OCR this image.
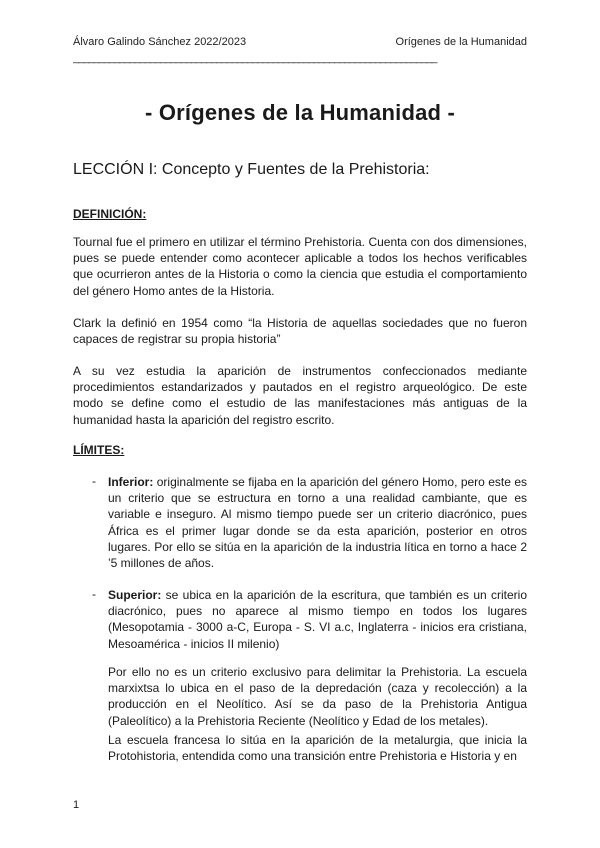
Álvaro Galindo Sánchez 2022/2023	Orígenes de la Humanidad
_______________________________________________________________________
- Orígenes de la Humanidad -
LECCIÓN I: Concepto y Fuentes de la Prehistoria:
DEFINICIÓN:

Tournal fue el primero en utilizar el término Prehistoria. Cuenta con dos dimensiones, pues se puede entender como acontecer aplicable a todos los hechos verificables que ocurrieron antes de la Historia o como la ciencia que estudia el comportamiento del género Homo antes de la Historia.

Clark la definió en 1954 como “la Historia de aquellas sociedades que no fueron capaces de registrar su propia historia”

A su vez estudia la aparición de instrumentos confeccionados mediante procedimientos estandarizados y pautados en el registro arqueológico. De este modo se define como el estudio de las manifestaciones más antiguas de la humanidad hasta la aparición del registro escrito.

LÍMITES:
- Inferior: originalmente se fijaba en la aparición del género Homo, pero este es un criterio que se estructura en torno a una realidad cambiante, que es variable e inseguro. Al mismo tiempo puede ser un criterio diacrónico, pues África es el primer lugar donde se da esta aparición, posterior en otros lugares. Por ello se sitúa en la aparición de la industria lítica en torno a hace 2 ’5 millones de años.

- Superior: se ubica en la aparición de la escritura, que también es un criterio diacrónico, pues no aparece al mismo tiempo en todos los lugares (Mesopotamia - 3000 a-C, Europa - S. VI a.c, Inglaterra - inicios era cristiana, Mesoamérica - inicios II milenio)

Por ello no es un criterio exclusivo para delimitar la Prehistoria. La escuela marxixtsa lo ubica en el paso de la depredación (caza y recolección) a la producción en el Neolítico. Así se da paso de la Prehistoria Antigua (Paleolítico) a la Prehistoria Reciente (Neolítico y Edad de los metales).

La escuela francesa lo sitúa en la aparición de la metalurgia, que inicia la Protohistoria, entendida como una transición entre Prehistoria e Historia y en

1
